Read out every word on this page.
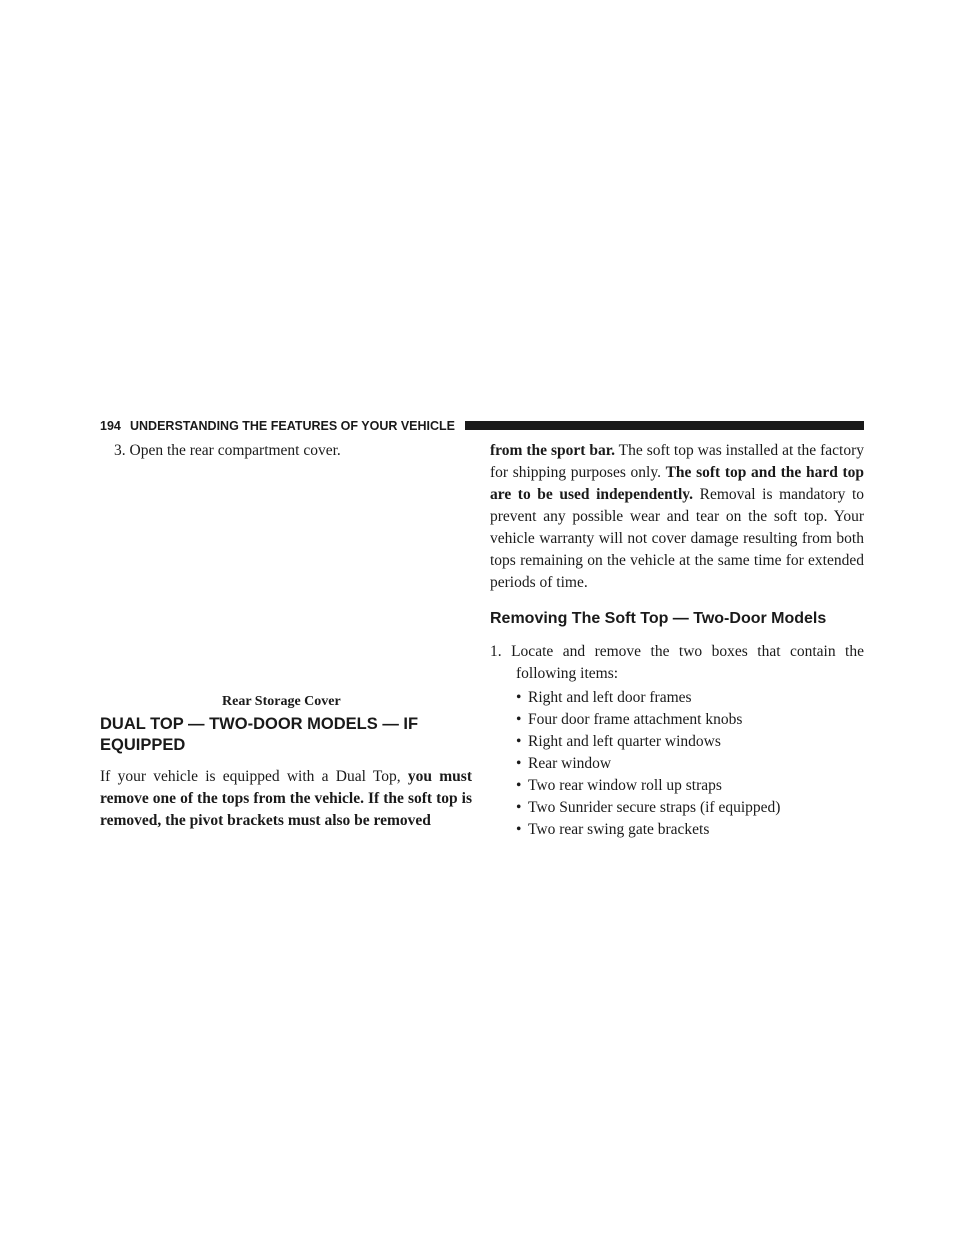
194 UNDERSTANDING THE FEATURES OF YOUR VEHICLE

3. Open the rear compartment cover.

Rear Storage Cover

DUAL TOP — TWO-DOOR MODELS — IF EQUIPPED

If your vehicle is equipped with a Dual Top, you must remove one of the tops from the vehicle. If the soft top is removed, the pivot brackets must also be removed

from the sport bar. The soft top was installed at the factory for shipping purposes only. The soft top and the hard top are to be used independently. Removal is mandatory to prevent any possible wear and tear on the soft top. Your vehicle warranty will not cover damage resulting from both tops remaining on the vehicle at the same time for extended periods of time.

Removing The Soft Top — Two-Door Models

1. Locate and remove the two boxes that contain the following items:

• Right and left door frames
• Four door frame attachment knobs
• Right and left quarter windows
• Rear window
• Two rear window roll up straps
• Two Sunrider secure straps (if equipped)
• Two rear swing gate brackets
